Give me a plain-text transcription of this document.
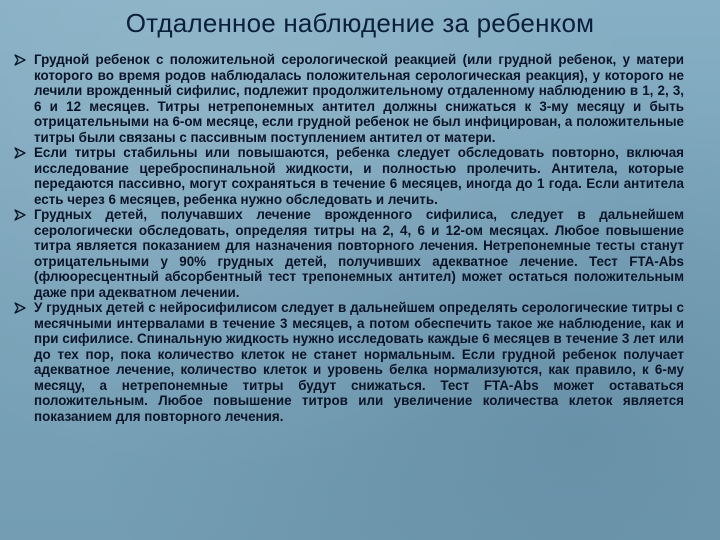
Отдаленное наблюдение за ребенком
Грудной ребенок с положительной серологической реакцией (или грудной ребенок, у матери которого во время родов наблюдалась положительная серологическая реакция), у которого не лечили врожденный сифилис, подлежит продолжительному отдаленному наблюдению в 1, 2, 3, 6 и 12 месяцев. Титры нетрепонемных антител должны снижаться к 3-му месяцу и быть отрицательными на 6-ом месяце, если грудной ребенок не был инфицирован, а положительные титры были связаны с пассивным поступлением антител от матери.
Если титры стабильны или повышаются, ребенка следует обследовать повторно, включая исследование цереброспинальной жидкости, и полностью пролечить. Антитела, которые передаются пассивно, могут сохраняться в течение 6 месяцев, иногда до 1 года. Если антитела есть через 6 месяцев, ребенка нужно обследовать и лечить.
Грудных детей, получавших лечение врожденного сифилиса, следует в дальнейшем серологически обследовать, определяя титры на 2, 4, 6 и 12-ом месяцах. Любое повышение титра является показанием для назначения повторного лечения. Нетрепонемные тесты станут отрицательными у 90% грудных детей, получивших адекватное лечение. Тест FTA-Abs (флюоресцентный абсорбентный тест трепонемных антител) может остаться положительным даже при адекватном лечении.
У грудных детей с нейросифилисом следует в дальнейшем определять серологические титры с месячными интервалами в течение 3 месяцев, а потом обеспечить такое же наблюдение, как и при сифилисе. Спинальную жидкость нужно исследовать каждые 6 месяцев в течение 3 лет или до тех пор, пока количество клеток не станет нормальным. Если грудной ребенок получает адекватное лечение, количество клеток и уровень белка нормализуются, как правило, к 6-му месяцу, а нетрепонемные титры будут снижаться. Тест FTA-Abs может оставаться положительным. Любое повышение титров или увеличение количества клеток является показанием для повторного лечения.
